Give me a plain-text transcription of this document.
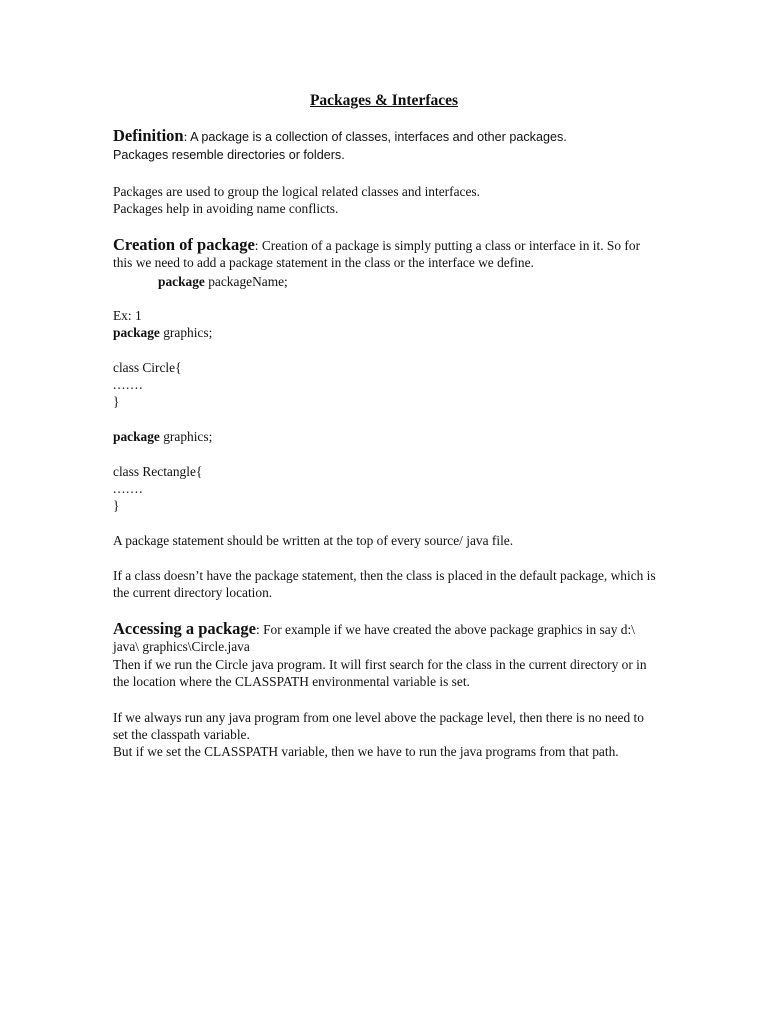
Packages & Interfaces

Definition: A package is a collection of classes, interfaces and other packages.
Packages resemble directories or folders.

Packages are used to group the logical related classes and interfaces.
Packages help in avoiding name conflicts.

Creation of package: Creation of a package is simply putting a class or interface in it. So for this we need to add a package statement in the class or the interface we define.

package packageName;

Ex: 1

package graphics;

class Circle{

.......

}

package graphics;

class Rectangle{

.......

}

A package statement should be written at the top of every source/ java file.

If a class doesn’t have the package statement, then the class is placed in the default package, which is the current directory location.

Accessing a package: For example if we have created the above package graphics in say d:\ java\ graphics\Circle.java

Then if we run the Circle java program. It will first search for the class in the current directory or in the location where the CLASSPATH environmental variable is set.

If we always run any java program from one level above the package level, then there is no need to set the classpath variable.

But if we set the CLASSPATH variable, then we have to run the java programs from that path.
